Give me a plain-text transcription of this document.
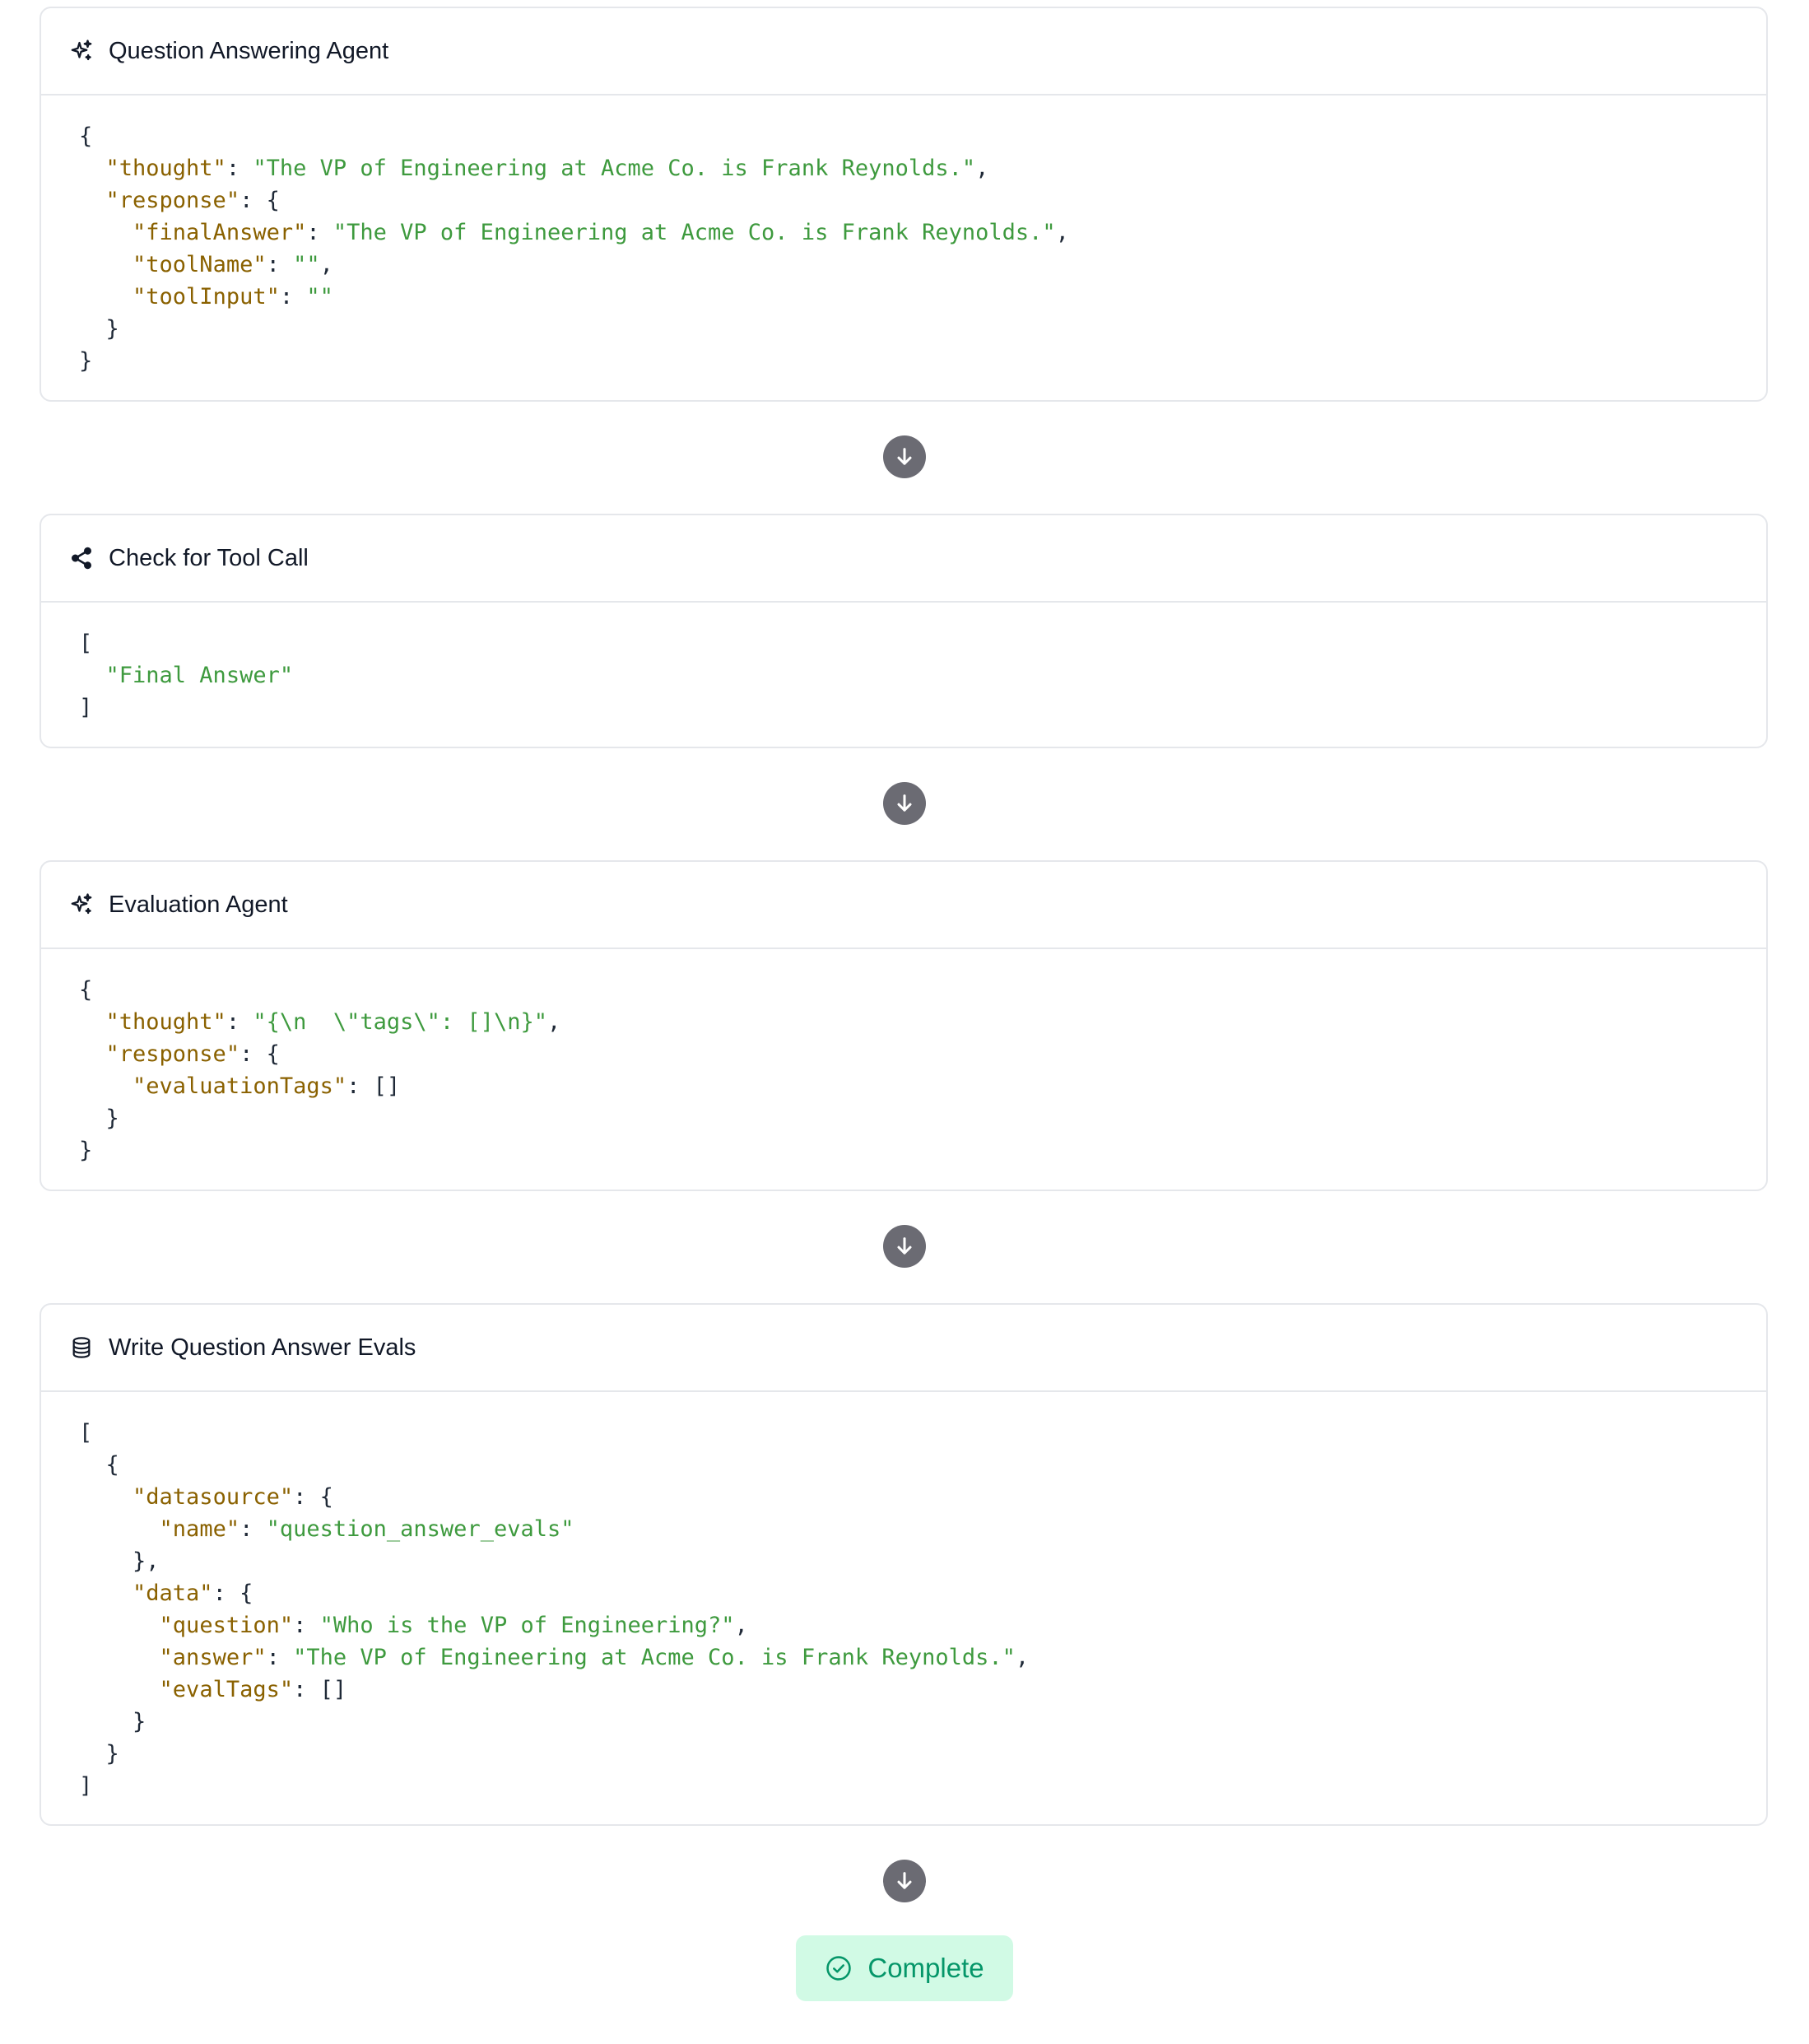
Question Answering Agent
{
"thought": "The VP of Engineering at Acme Co. is Frank Reynolds.",
"response": {
"finalAnswer": "The VP of Engineering at Acme Co. is Frank Reynolds.",
"toolName": "",
"toolInput": ""
}
}
Check for Tool Call
[
"Final Answer"
]
Evaluation Agent
{
"thought": "{\n  \"tags\": []\n}",
"response": {
"evaluationTags": []
}
}
Write Question Answer Evals
[
{
"datasource": {
"name": "question_answer_evals"
},
"data": {
"question": "Who is the VP of Engineering?",
"answer": "The VP of Engineering at Acme Co. is Frank Reynolds.",
"evalTags": []
}
}
]
Complete
